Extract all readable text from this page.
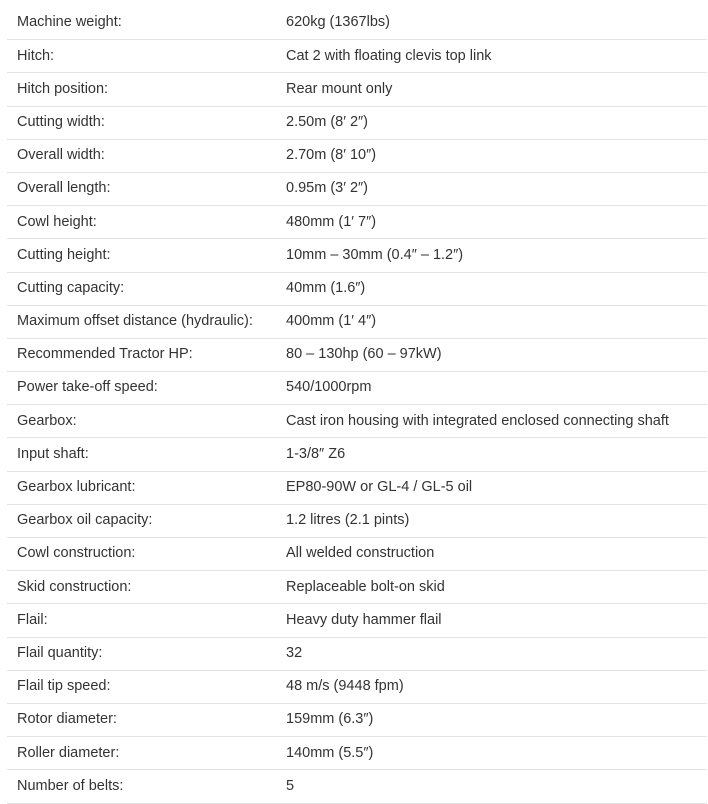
Machine weight:	620kg (1367lbs)
Hitch:	Cat 2 with floating clevis top link
Hitch position:	Rear mount only
Cutting width:	2.50m (8′ 2″)
Overall width:	2.70m (8′ 10″)
Overall length:	0.95m (3′ 2″)
Cowl height:	480mm (1′ 7″)
Cutting height:	10mm – 30mm (0.4″ – 1.2″)
Cutting capacity:	40mm (1.6″)
Maximum offset distance (hydraulic):	400mm (1′ 4″)
Recommended Tractor HP:	80 – 130hp (60 – 97kW)
Power take-off speed:	540/1000rpm
Gearbox:	Cast iron housing with integrated enclosed connecting shaft
Input shaft:	1-3/8″ Z6
Gearbox lubricant:	EP80-90W or GL-4 / GL-5 oil
Gearbox oil capacity:	1.2 litres (2.1 pints)
Cowl construction:	All welded construction
Skid construction:	Replaceable bolt-on skid
Flail:	Heavy duty hammer flail
Flail quantity:	32
Flail tip speed:	48 m/s (9448 fpm)
Rotor diameter:	159mm (6.3″)
Roller diameter:	140mm (5.5″)
Number of belts:	5
